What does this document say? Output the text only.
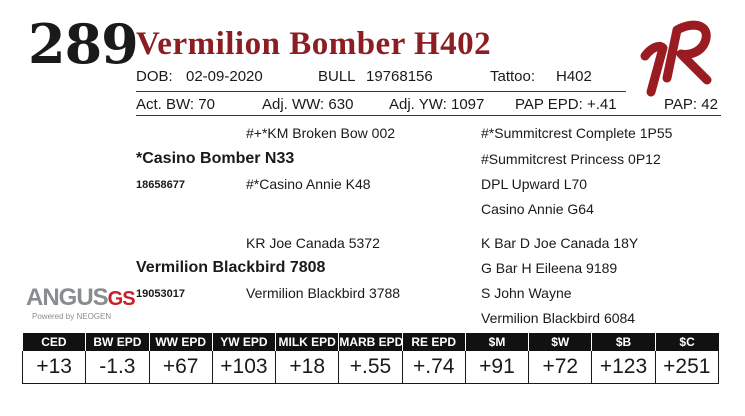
289
Vermilion Bomber H402
DOB: 02-09-2020	BULL 19768156	Tattoo: H402
Act. BW: 70	Adj. WW: 630 Adj. YW: 1097 PAP EPD: +.41	PAP: 42
#+*KM Broken Bow 002
*Casino Bomber N33
18658677	#*Casino Annie K48
#*Summitcrest Complete 1P55
#Summitcrest Princess 0P12
DPL Upward L70
Casino Annie G64
KR Joe Canada 5372
Vermilion Blackbird 7808
19053017	Vermilion Blackbird 3788
K Bar D Joe Canada 18Y
G Bar H Eileena 9189
S John Wayne
Vermilion Blackbird 6084
ANGUSGS
Powered by NEOGEN
CED	BW EPD	WW EPD	YW EPD	MILK EPD	MARB EPD	RE EPD	$M	$W	$B	$C
+13	-1.3	+67	+103	+18	+.55	+.74	+91	+72	+123	+251
